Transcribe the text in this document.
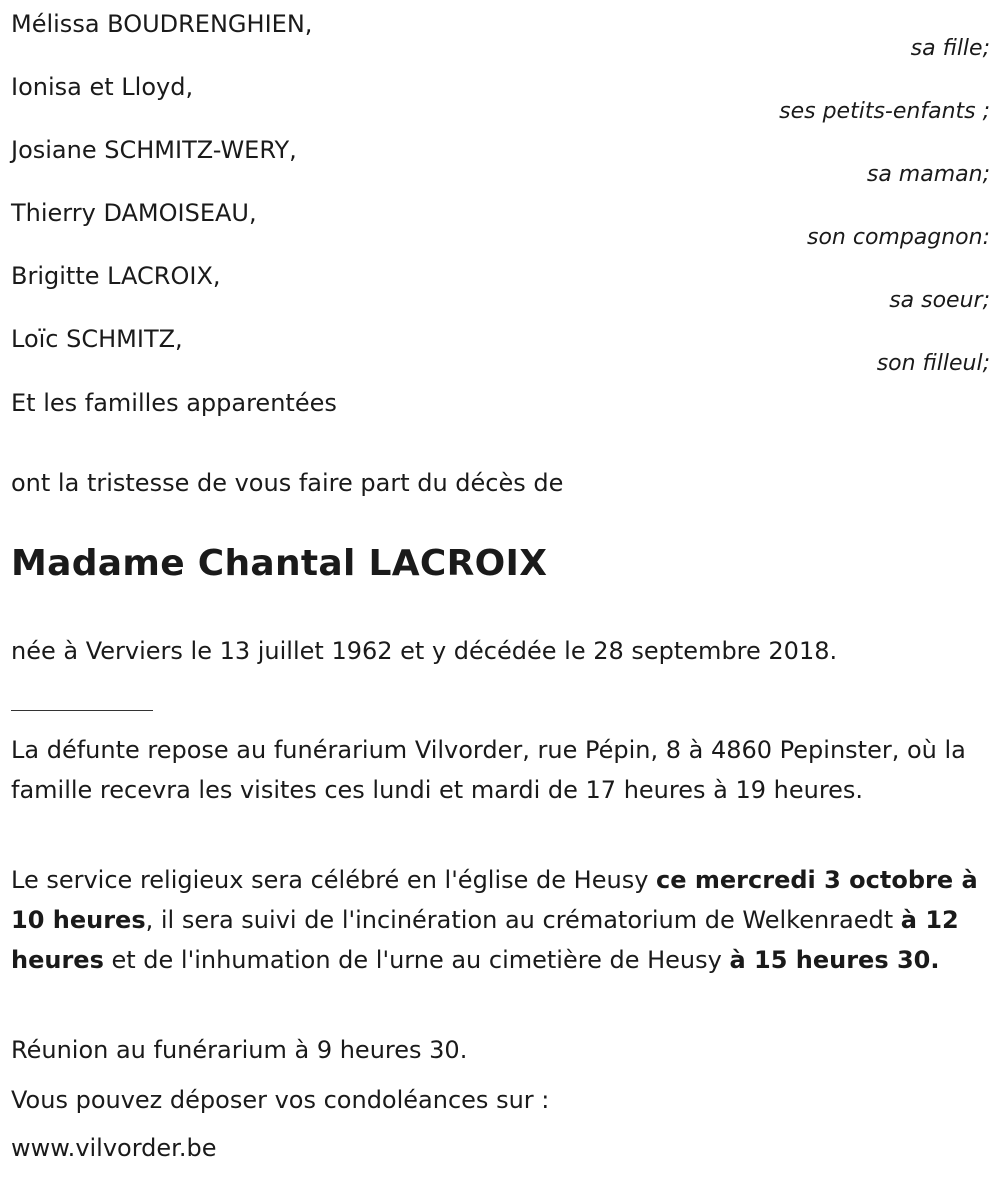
Mélissa BOUDRENGHIEN,
sa fille;
Ionisa et Lloyd,
ses petits-enfants ;
Josiane SCHMITZ-WERY,
sa maman;
Thierry DAMOISEAU,
son compagnon:
Brigitte LACROIX,
sa soeur;
Loïc SCHMITZ,
son filleul;
Et les familles apparentées
ont la tristesse de vous faire part du décès de
Madame Chantal LACROIX
née à Verviers le 13 juillet 1962 et y décédée le 28 septembre 2018.
La défunte repose au funérarium Vilvorder, rue Pépin, 8 à 4860 Pepinster, où la famille recevra les visites ces lundi et mardi de 17 heures à 19 heures.
Le service religieux sera célébré en l'église de Heusy ce mercredi 3 octobre à 10 heures, il sera suivi de l'incinération au crématorium de Welkenraedt à 12 heures et de l'inhumation de l'urne au cimetière de Heusy à 15 heures 30.
Réunion au funérarium à 9 heures 30.
Vous pouvez déposer vos condoléances sur :
www.vilvorder.be
